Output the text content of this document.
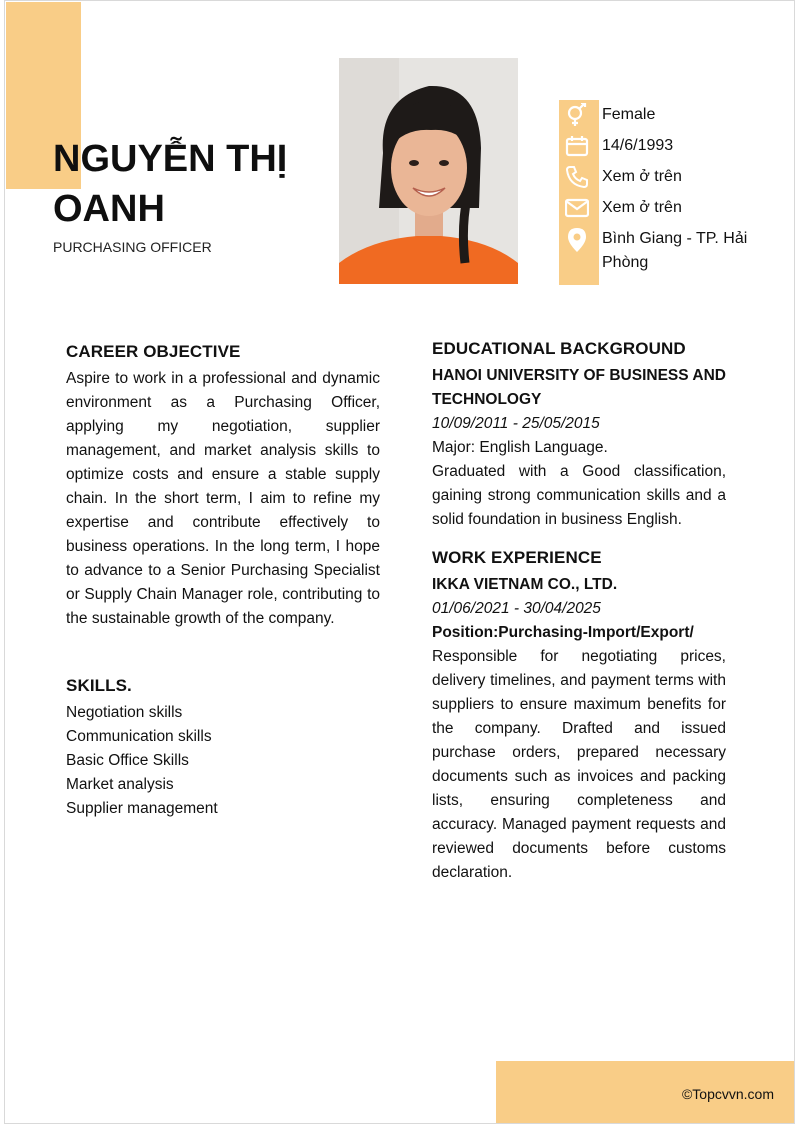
NGUYỄN THỊ OANH

PURCHASING OFFICER

Female
14/6/1993
Xem ở trên
Xem ở trên
Bình Giang - TP. Hải Phòng
CAREER OBJECTIVE

Aspire to work in a professional and dynamic environment as a Purchasing Officer, applying my negotiation, supplier management, and market analysis skills to optimize costs and ensure a stable supply chain. In the short term, I aim to refine my expertise and contribute effectively to business operations. In the long term, I hope to advance to a Senior Purchasing Specialist or Supply Chain Manager role, contributing to the sustainable growth of the company.

SKILLS.
Negotiation skills
Communication skills
Basic Office Skills
Market analysis
Supplier management
EDUCATIONAL BACKGROUND

HANOI UNIVERSITY OF BUSINESS AND TECHNOLOGY

10/09/2011 - 25/05/2015

Major: English Language.

Graduated with a Good classification, gaining strong communication skills and a solid foundation in business English.

WORK EXPERIENCE

IKKA VIETNAM CO., LTD.

01/06/2021 - 30/04/2025

Position:Purchasing-Import/Export/

Responsible for negotiating prices, delivery timelines, and payment terms with suppliers to ensure maximum benefits for the company. Drafted and issued purchase orders, prepared necessary documents such as invoices and packing lists, ensuring completeness and accuracy. Managed payment requests and reviewed documents before customs declaration.

©Topcvvn.com
